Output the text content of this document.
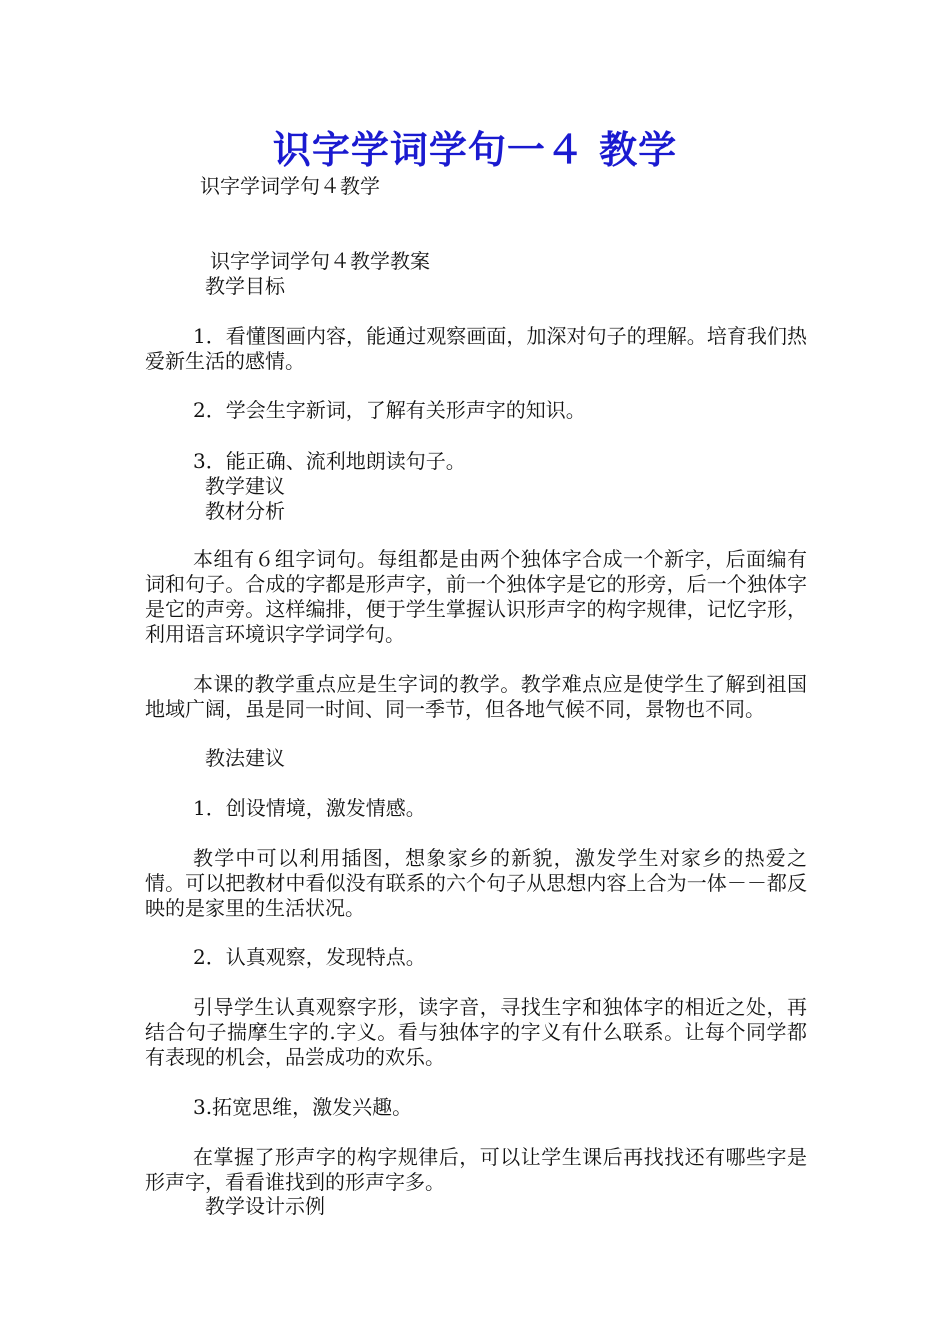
识字学词学句一４ 教学
识字学词学句４教学
识字学词学句４教学教案
教学目标
1．看懂图画内容，能通过观察画面，加深对句子的理解。培育我们热爱新生活的感情。
2．学会生字新词，了解有关形声字的知识。
3．能正确、流利地朗读句子。
教学建议
教材分析
本组有６组字词句。每组都是由两个独体字合成一个新字，后面编有词和句子。合成的字都是形声字，前一个独体字是它的形旁，后一个独体字是它的声旁。这样编排，便于学生掌握认识形声字的构字规律，记忆字形，利用语言环境识字学词学句。
本课的教学重点应是生字词的教学。教学难点应是使学生了解到祖国地域广阔，虽是同一时间、同一季节，但各地气候不同，景物也不同。
教法建议
1．创设情境，激发情感。
教学中可以利用插图，想象家乡的新貌，激发学生对家乡的热爱之情。可以把教材中看似没有联系的六个句子从思想内容上合为一体－－都反映的是家里的生活状况。
2．认真观察，发现特点。
引导学生认真观察字形，读字音，寻找生字和独体字的相近之处，再结合句子揣摩生字的.字义。看与独体字的字义有什么联系。让每个同学都有表现的机会，品尝成功的欢乐。
3.拓宽思维，激发兴趣。
在掌握了形声字的构字规律后，可以让学生课后再找找还有哪些字是形声字，看看谁找到的形声字多。
教学设计示例
